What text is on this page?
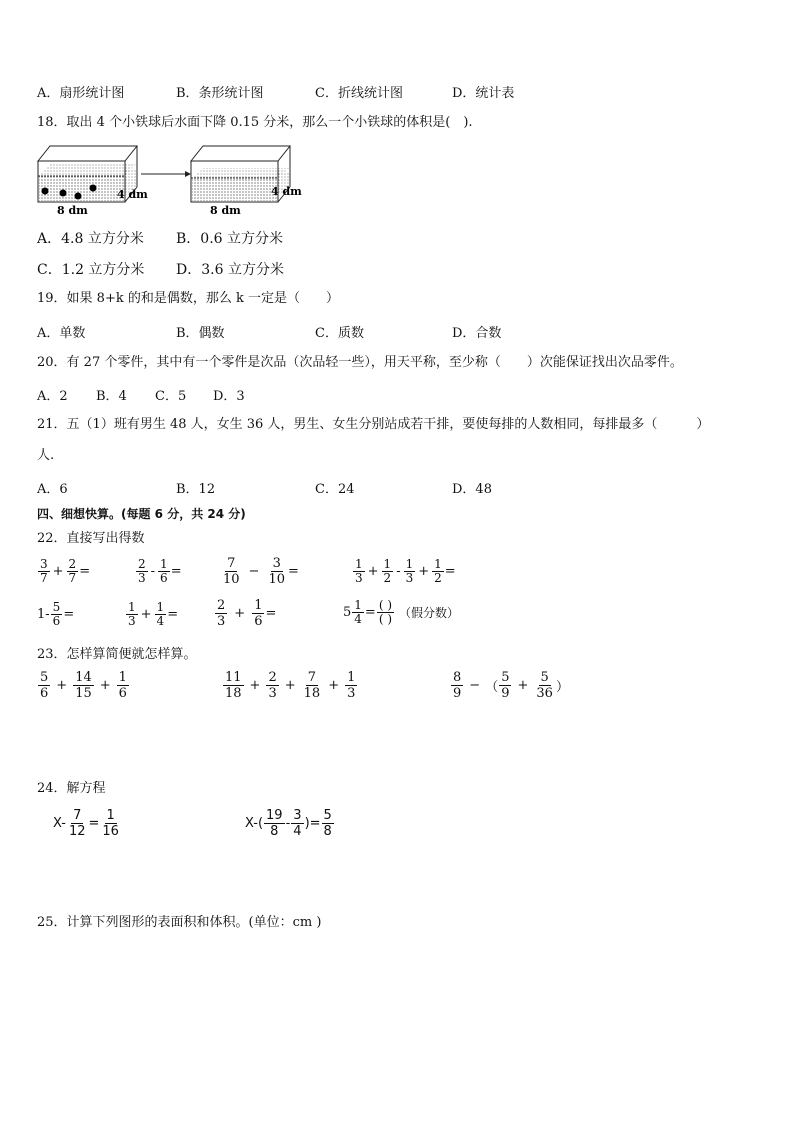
A．扇形统计图	B．条形统计图	C．折线统计图	D．统计表
18．取出 4 个小铁球后水面下降 0.15 分米，那么一个小铁球的体积是(　).
8 dm
4 dm
8 dm
4 dm
A．4.8 立方分米 B．0.6 立方分米
C．1.2 立方分米 D．3.6 立方分米
19．如果 8+k 的和是偶数，那么 k 一定是（　　）
A．单数	B．偶数	C．质数	D．合数
20．有 27 个零件，其中有一个零件是次品（次品轻一些），用天平称，至少称（　　）次能保证找出次品零件。
A．2 B．4 C．5 D．3
21．五（1）班有男生 48 人，女生 36 人，男生、女生分别站成若干排，要使每排的人数相同，每排最多（　　　）
人.
A．6	B．12	C．24	D．48
四、细想快算。(每题 6 分，共 24 分)
22．直接写出得数
$\frac{3}{7} + \frac{2}{7}$ =	$\frac{2}{3} - \frac{1}{6}$ =	$\frac{7}{10} - \frac{3}{10}$ =	$\frac{1}{3} + \frac{1}{2} - \frac{1}{3} + \frac{1}{2}$ =
$1- \frac{5}{6}$ =	$\frac{1}{3} + \frac{1}{4}$ =	$\frac{2}{3} + \frac{1}{6}$ =	$5 \frac{1}{4} = \frac{( )}{( )}$ （假分数）
23．怎样算简便就怎样算。
$\frac{5}{6} + \frac{14}{15} + \frac{1}{6}$	$\frac{11}{18} + \frac{2}{3} + \frac{7}{18} + \frac{1}{3}$	$\frac{8}{9}$ − （ $\frac{5}{9} + \frac{5}{36}$ ）
24．解方程
$X- \frac{7}{12} = \frac{1}{16}$	$X-( \frac{19}{8} - \frac{3}{4}$ ) = $\frac{5}{8}$
25．计算下列图形的表面积和体积。(单位：cm )
